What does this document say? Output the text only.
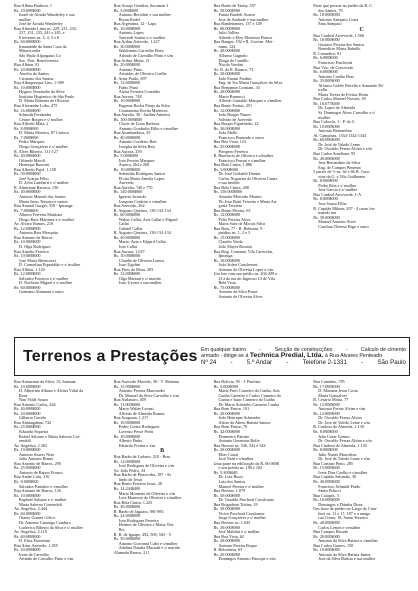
Rua Albina Barbosa, 1

Rs. 10:000$000

Israel de Arruda Wanderley e sua

mulher

José de Arruda Wanderley

Rua Almeida Lima ns. 229, 231, 233,

237, 231, 235, 241 e 245, e

6 terrenos ns. 3, 4, 5 e 6

Rs. 60:000$000

Irmandade da Santa Casa da

Misericordia

São Paulo Alpargatas Co.

Soc. Port. Beneficencia

Rua Albion, 81

Rs. 20:000$000

Aurelio da Santos

Cristiano dos Santos

Rua Albuquerque Lins, 1-389

Rs. 10:000$000

Hygino Alexandre da Silva

Instituto Hygienico de São Paulo

D. Maria Romana de Oliveira

Rua Alexandre Lobo, 475

Rs. 16:000$000

Schmidt Fernandes

Cesare Borges e s/ mulher

Rua Alfredo Maia, 2

Rs. 8:000$000

D. Maria Moreira, 87 Carioca

Rs. 7:000$000

Pedro Marques

Diogo Gonçalves e s/ mulher

R. Alves Ribeiro, 131-127

Rs. 40:000$000

Orlando Maioli

Henrique Bussoni

Rua Alfredo Pujol, 1.158

Rs. 50:000$000

José Scarpa Filho

D. Zelia Lamberti e s/ mulher

R. Almirante Barroso, 156

Rs. 40:000$000

Antonio Manoel dos Santos

Maria Jesus Teixeira e outros

Rua Amaral Gurgel, 318 - Ipiranga

Rs. 7:000$000

Alberto Ferreira Martinez

Diogo Ruiz Martinez e s/ mulher

Av. Alvaro Ramos, 218

Rs. 12:000$000

Antonio Reis Mesquita

Rua Antonio de Barros

Rs. 10:000$000

D. Olga Rodrigues

Rua Aurelio Ferreira

Rs. 10:000$000

Jose Maria Bitencourt

D. Carmelina Esperidião e s/ mulher

Rua Albion, 1.120

Rs. 12:000$000

Salvador Fonseca e s/ mulher

D. Norberto Miguel e s/ mulher

Rs. 60:000$000

Germano Altamani e outro

Rua Araujo Gondim, Sacoman 2

Rs. 5:000$000

Antonio Bertolini e sua mulher

Bryan Rodel

Rua Argentina, 12 - Lapa

Rs. 10:000$000

Antonio Lopes

Tancredi Saitori e s/ mulher

Rua Arthur Azevedo, 1.227

Rs. 30:000$000

Waldomiro Carvalho Pinto

Arlindo de Carvalho Pinto e s/m

Rua Arthur Motta, 21

Rs. 20:000$000

Antonio Pinto

Aristides de Oliveira Coelho

R. Artur Prado, 697

Rs. 12:000$000

Fabio Piani

Alzira Ferreira Coutinho

Rua Aurora, 748

Rs. 10:000$000

Eugenia Rocha Piraja da Silva

Constantino Rocha Medeiros

Rua Aurelia, 30 - Jardim America

Rs. 100:000$000

Clovis de Lima Barbosa

Antonio Gordinho Filho e s/mulher

Rua Avanhandava, 25

Rs. 40:000$000

Antonio Cordeiro Reis

Josepha da Silva Reis

Rua Aurora, 259

Rs. 5:000$000

Jose Pereira Marques

Aurora, 264 e 266

Rs. 10:000$000

Sebastião Rodrigues Santos

Elvira Maria Amelia Lopes

Azevedo

Rua Aurelia, 740 e 770

Rs. 140:000$000

Ignacio Iwancki

Joaquim Cordoso e s/mulher

Rua Azevedo, 262

R. Augusto Queiroz, 130-132-134

Rs. 60:000$000

Walter Callat, Azis Callat e Edgard

Callat

Gabriel Callat

R. Augusto Queiroz, 130-132-134

Rs. 40:000$000

Mario, Aziz e Edgard Callat

Jose Callat

Rua Aurora, 1.027

Rs. 10:000$000

Claudio de Oliveira Lemos

Joao Ugolini

Rua Pires da Mota, 283

Rs. 12:000$000

Olga Mariani e s/ marido

Joao Uyvari e sua mulher

Rua Barão de Tauby, 557

Rs. 50:000$000

Fanita Burdelt Avarez

Jose de Andrade e sua mulher

Rua Bandeirantes, 137 e 149

Rs. 80:000$000

Julio Vallim

Alfredo e Eloy Monteiro Barros

Rua Bangor, 192 e R. Govern. Mei-

rama, 124

Rs. 40:000$000

Alfonso Gagnolo

Diogo de Camillo

Nicola Verdini

Av. B. da R. Branco, 73

Rs. 20:000$000

João Ernani Pardini

Eng. de Ivo Maria Gonçalves da Silva

Rua Benjamin Constant, 33

Rs. 20:000$000

Mario Brunacci

Alfredo Grinaldo Marques e s/mulher

Rua Bento Freitas, 251

Rs. 12:000$000

João Borges Nunes

Salvino de Azevedo

Rua Borges Figueiredo, 22

Rs. 30:000$000

João Mello

Francisco Penteado e outro

Rua Boa Vista, 123

Rs. 25:000$000

Prospero Ferreira

R. Bonifacio de Oliveira e s/mulher

Francisco Ferrari e s/mulher

Rua Bela Cintra, 1.886

Rs. 5:000$000

Dr. José Gerbaldi Dantas

Carlos Nogueira de Oliveira Cintra

e sua mulher

Rua Bela Cintra, 288

Rs. 150:000$000

Amador Mercado Montes

Dr. Jose Botti Teixeira e Maria Au-

gusta Teixeira

Rua Bento Pereira, 63

Rs. 12:000$000

Felix Pereira Alves

Maria Saez de Morais Silva

Rua Beta, 77 - R. Belmont, 9 -

prédios ns. 1, 2 e 3

Rs. 15:000$000

Claudio Verda

João Mayer Rossini

Rua Brig. Constant, Vila Caravelas,

Ipiranga

Rs. 10:000$000

João Soleri Conchetoni

Antonio de Oliveira Lopes e s/m.

Um lote com um prédio ns. 204-208 e

214 da rua do Ingresso 13 de Vila

Bela Vista

Rs. 75:000$000

Antonio da Silva Ponte

Antonio de Oliveira Alves

Parte que possue no prédio da R. C.

dos Santos, 79

Rs. 10:000$000

Antonio Sampaio Costa

Ema Sampaio

C

Rua Cardeal Arcoverde, 1.566

Rs. 10:000$000

Gustavo Pereira dos Santos

Benedicto Maria Rabello

R. Carandiru, 91

Rs. 6:000$000

Francisco Paschiotti

Rua Visc. de Concessão

Rs. 6:000$000

Antonio Coelho Braz

Rs. 35:000$000

Alfonso Golele Petrella e Armando Pe-

trella

Maria Teresa de Freitas Horta

Rua Carlos Manoel Novaes, 49

Rs. 16:677$400

Dr. Lopes de Almeida

Sr. Domingos Alves Carvalho e s/

mulher

Rua Caboclo, 1 - P. do C

Rs. 10:000$000

Antonio Bernardino

Al. Campinas, 1334-1342-1344

Rs. 60:000$000

Dr. José de Toledo Leme

Dr. Osvaldo Ferraz Alvim e s/m

Rua Carlos Sondhuer, 95

Rs. 40:000$000

Jose Bernardino da Silva

Eng. de Campos Pimenta

5 partes de ½ ns. 64 e 66 R. Cara-

vina da G. e Vila Guilherme

Rs. 8:000$000

Pedro Reis e s/ mulher

Jose Garcia e s/ mulher

Rua Cardeal Arcoverde, 1-A

Rs. 8:000$000

Jose Souza Filho

R. Capitão Milone, 207 - 4 casas for-

mando rua

Rs. 30:000$000

Manoel Antonio Alves

Carolina Theresa Rigo e outro

Terrenos a Prestações Em qualquer bairro	-	Secção de construcções	-	Calculo de cimento
armado - dirige-se á Technica Predial, Ltda. á Rua Alvares Penteado
Nº 24 - 5.º Andar - Telefone 2-1331 - São Paulo

Rua Amazonas da Silva, 15, Santana

Rs. 10:000$000

D. Albertina Albano e Alvina Vidal da

Rosa

Nair Vidal Souza

Rua Antonio Carlos, 444

Rs. 40:000$000

Rs. 20:000$000

Gilberto Gavião

Rua Anhangabau, 742

Rs. 25:000$000

Eduardo Siqueira

Rafael Salsano e Maria Salerno Cor-

rendoli

Av. Angelica, 2.363

Rs. 10:000$000

Antonio Soares Neto

Julio Antonio Bruno

Rua Antonio de Barros, 290

Rs. 25:000$000

Antonio de Barros Franco

Rua Andre Lulu, 310

Rs. 8:000$000

Salvador Pantaleo e s/mulher

Rua Antonio de Barros, 126

Rs. 10:000$000

Raphael Salsano e s/ mulher

Maria Salerno Correndoli

Av. Angelica, 2.444

Rs. 60:000$000

Otavio Gomes Celico

Dr. Antonio Camargo Conduro

Ludovico Ribeiro da Silva e s/ mulher

Av. Angelica, 2.118

Rs. 60:000$000

D. Elisa Fiorentini

Rua Artur Azevedo, 1.055

Rs. 20:000$000

Irene de Carvalho

Arlindo de Carvalho Pinto e s/m

Rua Azevedo Macedo, 58 - V. Mariana

Rs. 15:000$000

Antonio Pereira Marcondes

Dr. Manoel da Silva Carvalho e s/m

Rua Alabastro, 459

Rs. 11:000$000

Mario Walter Leonzi

Alfredo de Almeida Ramos

Rua Araguaia, 1.217

Rs. 10:000$000

Pedro Cortez Rodriguez

Lorenzo Pesce Pretti

Rs. 10:000$000

Alberto Pinho

Eduardo Freitas e s/m

B

Rua Barão de Ladario, 218 - Bras

Rs. 12:000$000

José Rodrigues de Oliveira e s/m

Av. João Pedro, 34

Rua Barão de Piracicaba, 187 - Ar

lindo de Jesus

Rua Bento Ferreira Jesus, 28

Rs. 14:244$400

Maria Monteiro de Oliveira e s/m

Luiz Monteiro de Oliveira e s/mulher

Rua Bela Cintra, 1.225

Rs. 30:000$000

R. Barão de Jaguara, 981-983

Rs. 24:000$000

Jose Rodrigues Ferreira

Hermes de Oliveira e Maria Vila

Brs

R. B. de Iguape, 492, 500, 502 - V.

Rs. 50:000$000

Antonio Giovanni Cabo e s/mulher

Adelina Natalia Maciotti e s/ marido

Alameda Barros, 211

Rua Bolivia, 95 - J. Paulista

Rs. 5:000$000

Maria Pires Carneiro da Cunha, Aris

Cunha Carneiro e Carlos Carneiro da

Cunha e Isaac Carneiro da Cunha

Dr. Mario Sobrinho Carneiro Cunha

Rua Bom Pastor, 191

Rs. 20:000$000

João Henrique Schneider

Alziro de Abreu Batista Santos

Rua Bom Pastor, 70

Rs. 42:000$000

Domenico Patrino

Antonio Geremias Rolfe

Rua Bresser ns. 540, 542 e 544

Rs. 20:000$000

Elias Catait

José Naid e s/mulher

Uma parte na edificação da R. 60:000$

e seu prédio ns. 100 e 102

Rs. 5:309$681

Dr. Luiz Rossi

Luiz dos Santos

Manoel Pereira e s/ mulher

Rua Bresser, 1.079

Rs. 50:000$000

Dr. Geraldo Paschoal Cavalcante

Rua Brigadeiro Tobias, 19

Rs. 30:000$000

Victor Paschoal Cavalcante

Jorge Gonçalves e s/ mulher

Rua Bresser ns. 1.043

Rs. 30:000$000

José Maldini e s/ mulher

Rua Boa Vista, 62

Rs. 20:000$000

Antonio Pereira Roque

R. Bolonhesa, 63

Rs. 20:000$000

Domingos Antonio Principe e s/m.

Rua Caminho, 785

Rs. 17:000$000

D. Mariana Jesus Costa

Maria Gonçalves

R. Cesario Motta, 77

Rs. 12:000$000

Antonio Ferraz Alvim e s/m

Rs. 12:000$000

Dr. Osvaldo Ferraz Alvim

Dr. José de Toledo Leme e s/m

R. Cardoso de Almeida, 1.130

Rs. 8:000$000

João Cezar Gomes

Dr. Osvaldo Ferraz Alvim e s/m

Rua Cardoso de Almeida, 1.130

Rs. 8:000$000

Julio Nunes Marcolino

Dr. José de Toledo Leme e s/m

Rua Caetano Pinto, 285

Rs. 15:000$000

Ivete Dias Coelho e s/mulher

Rua Capitão Salomão, 30

Rs. 40:000$000

Francisco Schmidt Prado

Santo Pelucci

Rua Caiapós, 3

Rs. 10:000$000

Domingos e Ditinha Diniz

Um fruto de prédio no Largo do Cam-

buci ns. 11 e 17, 187 e a antiga

rua Cintra, 18, Santo Teixeira

Rs. 40:000$000

Carlos Lemos e s/mulher

Rua Campos Bicudo

Rs. 20:000$000

Antonio da Silva Batista e s/mulher

Rua Carlos Gomes, 150

Rs. 10:000$000

Antonio da Silva Batista Junior

José da Silva Batista e sua mulher
